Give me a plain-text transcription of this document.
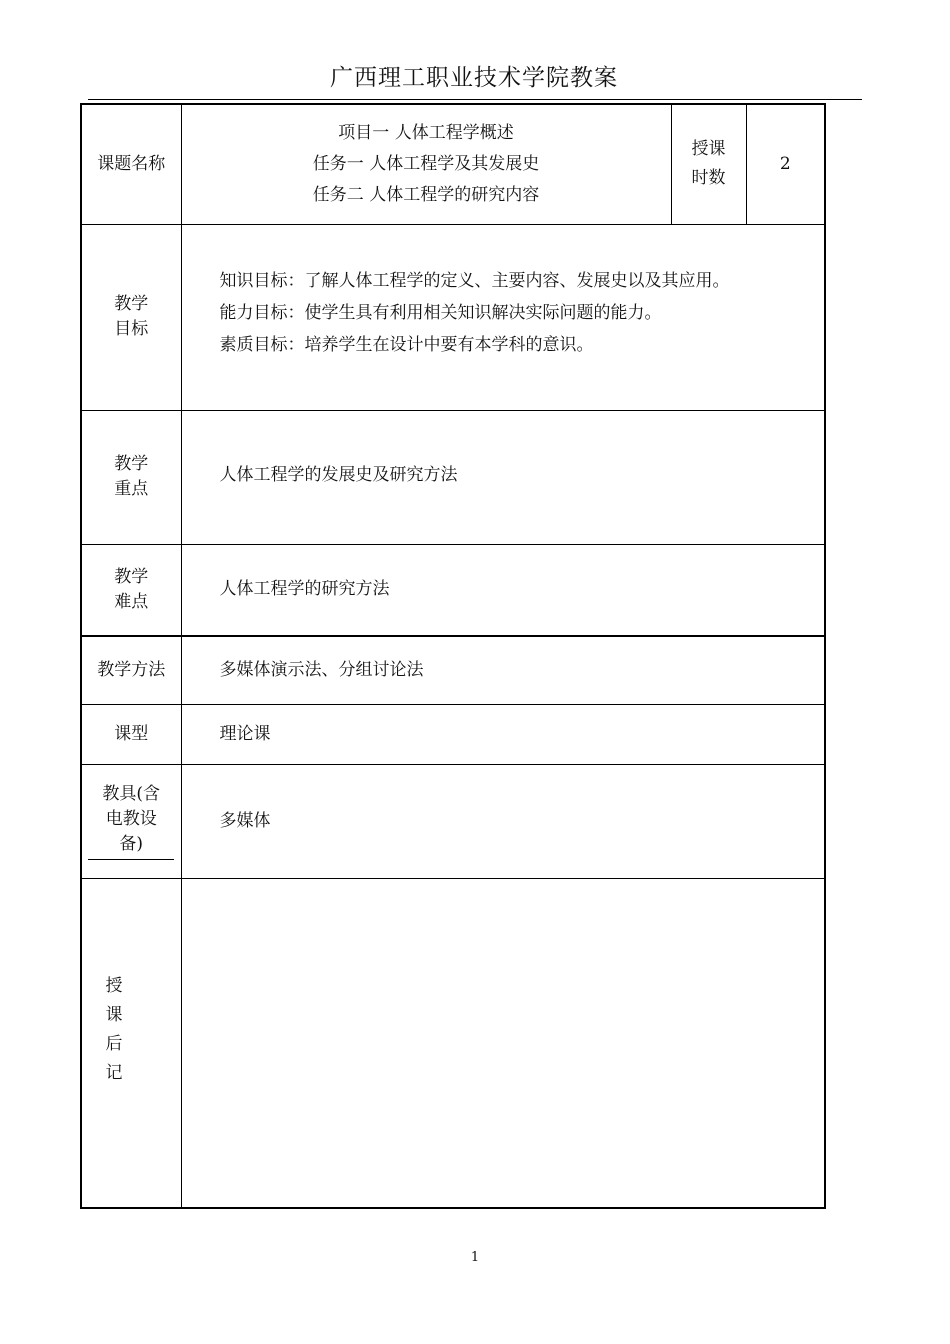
广西理工职业技术学院教案
课题名称	项目一 人体工程学概述
任务一 人体工程学及其发展史
任务二 人体工程学的研究内容	授课
时数	2

教学
目标	知识目标：了解人体工程学的定义、主要内容、发展史以及其应用。
能力目标：使学生具有利用相关知识解决实际问题的能力。
素质目标：培养学生在设计中要有本学科的意识。		

教学
重点	人体工程学的发展史及研究方法		

教学
难点	人体工程学的研究方法		
教学方法	多媒体演示法、分组讨论法		
课型	理论课		

教具(含
电教设
备)	多媒体		

授
课
后
记			

1
